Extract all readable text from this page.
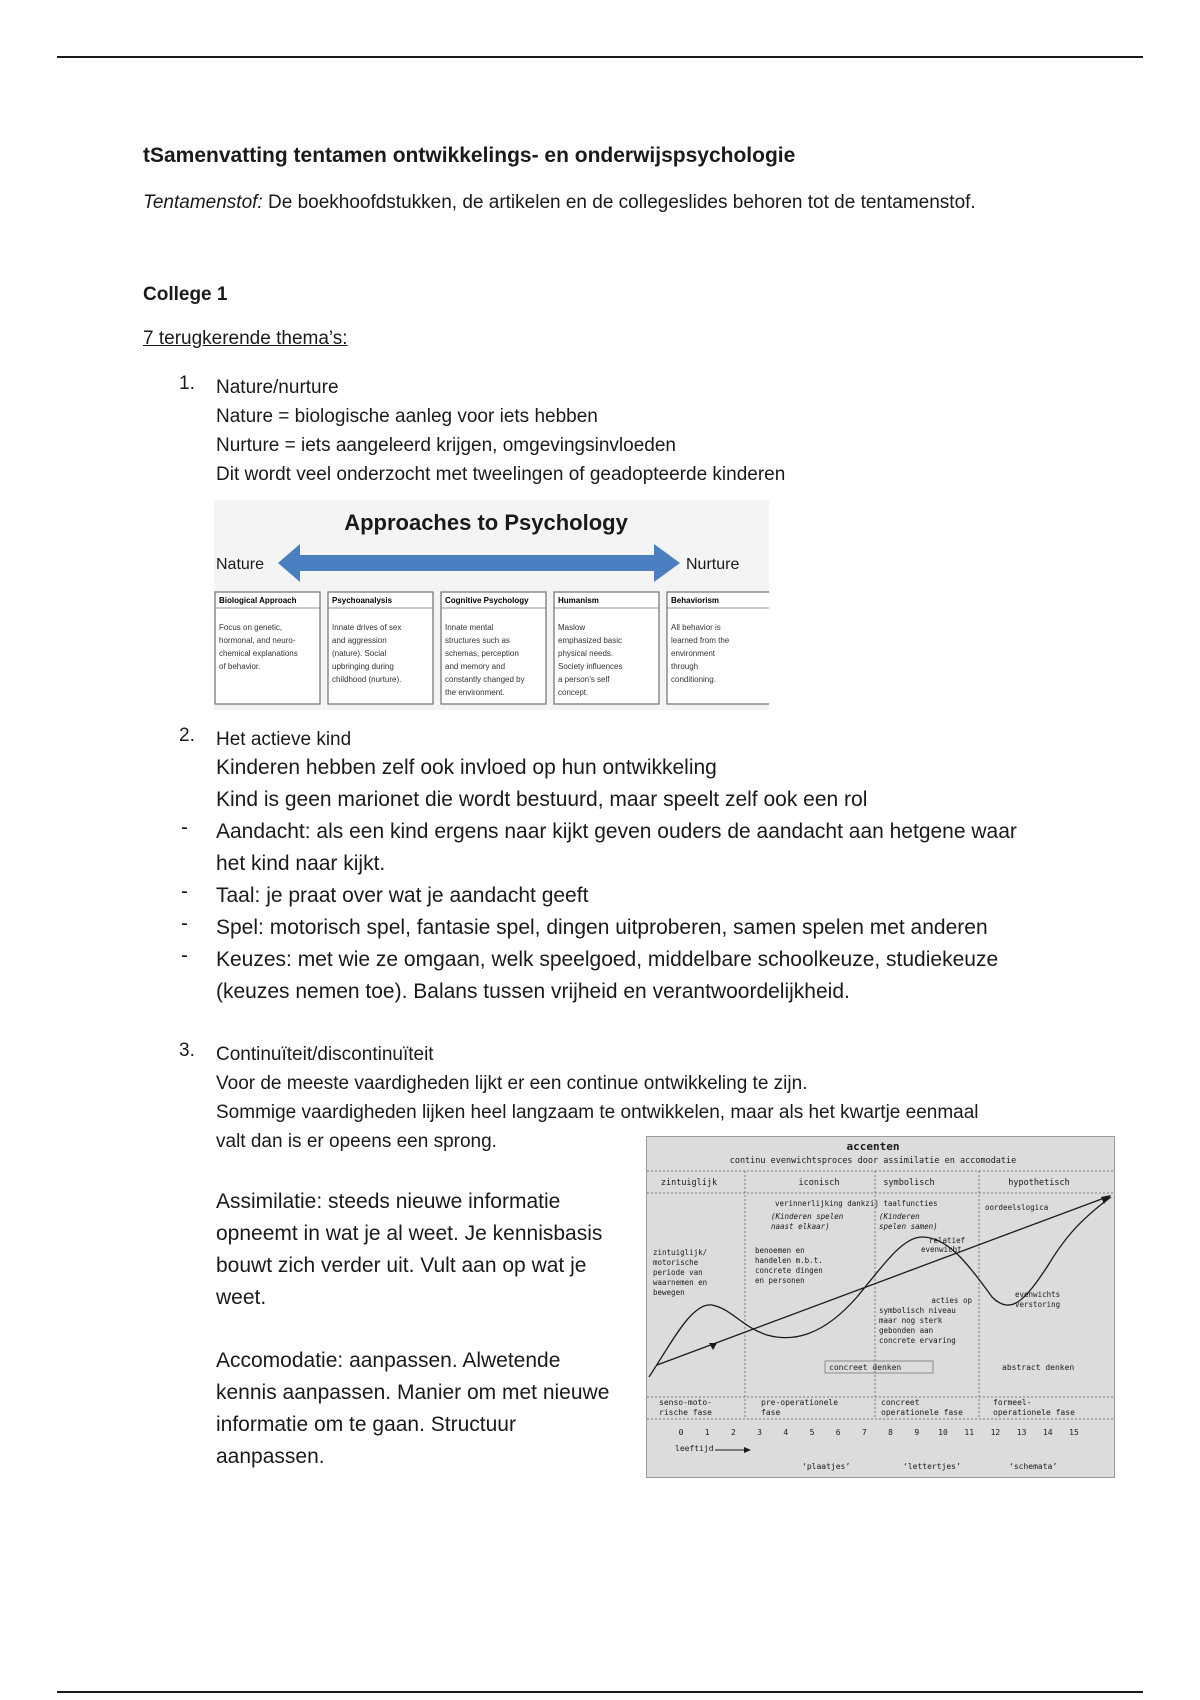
tSamenvatting tentamen ontwikkelings- en onderwijspsychologie
Tentamenstof: De boekhoofdstukken, de artikelen en de collegeslides behoren tot de tentamenstof.
College 1
7 terugkerende thema’s:
1. Nature/nurture
Nature = biologische aanleg voor iets hebben
Nurture = iets aangeleerd krijgen, omgevingsinvloeden
Dit wordt veel onderzocht met tweelingen of geadopteerde kinderen
Approaches to Psychology
Nature	Nurture
Biological Approach
Focus on genetic,
hormonal, and neuro-
chemical explanations
of behavior.
Psychoanalysis
Innate drives of sex
and aggression
(nature). Social
upbringing during
childhood (nurture).
Cognitive Psychology
Innate mental
structures such as
schemas, perception
and memory and
constantly changed by
the environment.
Humanism
Maslow
emphasized basic
physical needs.
Society influences
a person’s self
concept.
Behaviorism
All behavior is
learned from the
environment
through
conditioning.
2. Het actieve kind
Kinderen hebben zelf ook invloed op hun ontwikkeling
Kind is geen marionet die wordt bestuurd, maar speelt zelf ook een rol
Aandacht: als een kind ergens naar kijkt geven ouders de aandacht aan hetgene waar
het kind naar kijkt.
Taal: je praat over wat je aandacht geeft
Spel: motorisch spel, fantasie spel, dingen uitproberen, samen spelen met anderen
Keuzes: met wie ze omgaan, welk speelgoed, middelbare schoolkeuze, studiekeuze
(keuzes nemen toe). Balans tussen vrijheid en verantwoordelijkheid.
-
-
-
-
3. Continuïteit/discontinuïteit
Voor de meeste vaardigheden lijkt er een continue ontwikkeling te zijn.
Sommige vaardigheden lijken heel langzaam te ontwikkelen, maar als het kwartje eenmaal
valt dan is er opeens een sprong.

Assimilatie: steeds nieuwe informatie
opneemt in wat je al weet. Je kennisbasis
bouwt zich verder uit. Vult aan op wat je
weet.

Accomodatie: aanpassen. Alwetende
kennis aanpassen. Manier om met nieuwe
informatie om te gaan. Structuur
aanpassen.

accenten
continu evenwichtsproces door assimilatie en accomodatie
zintuiglijk	iconisch	symbolisch	hypothetisch
zintuiglijk/
motorische
periode van
waarnemen en
bewegen
verinnerlijking dankzij taalfuncties
(Kinderen spelen
naast elkaar)
benoemen en
handelen m.b.t.
concrete dingen
en personen
(Kinderen
spelen samen)
relatief
evenwicht
acties op
symbolisch niveau
maar nog sterk
gebonden aan
concrete ervaring
oordeelslogica
evenwichts
verstoring
concreet denken	abstract denken
senso-moto-
rische fase
pre-operationele
fase
concreet
operationele fase
formeel-
operationele fase
0	1	2	3	4	5	6	7	8	9 10 11 12 13 14 15
leeftijd
‘plaatjes’	‘lettertjes’	‘schemata’
